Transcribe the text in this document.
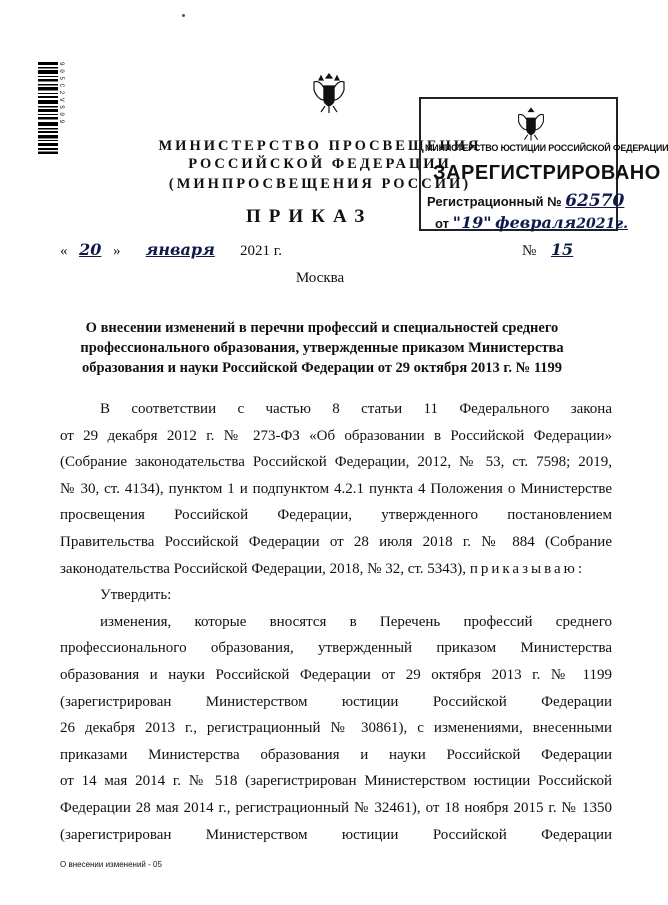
9 0 5 C 2 V S 0 9
МИНИСТЕРСТВО ПРОСВЕЩЕНИЯ
РОССИЙСКОЙ ФЕДЕРАЦИИ
(МИНПРОСВЕЩЕНИЯ РОССИИ)
МИНИСТЕРСТВО ЮСТИЦИИ РОССИЙСКОЙ ФЕДЕРАЦИИ
ЗАРЕГИСТРИРОВАНО
Регистрационный № 62570
от "19" февраля2021г.
ПРИКАЗ
« 20 » января 2021 г.	№ 15
Москва
О внесении изменений в перечни профессий и специальностей среднего
профессионального образования, утвержденные приказом Министерства
образования и науки Российской Федерации от 29 октября 2013 г. № 1199

В соответствии с частью 8 статьи 11 Федерального закона

от 29 декабря 2012 г. № 273-ФЗ «Об образовании в Российской Федерации»

(Собрание законодательства Российской Федерации, 2012, № 53, ст. 7598; 2019,

№ 30, ст. 4134), пунктом 1 и подпунктом 4.2.1 пункта 4 Положения о Министерстве

просвещения Российской Федерации, утвержденного постановлением

Правительства Российской Федерации от 28 июля 2018 г. № 884 (Собрание

законодательства Российской Федерации, 2018, № 32, ст. 5343), приказываю:

Утвердить:

изменения, которые вносятся в Перечень профессий среднего

профессионального образования, утвержденный приказом Министерства

образования и науки Российской Федерации от 29 октября 2013 г. № 1199

(зарегистрирован Министерством юстиции Российской Федерации

26 декабря 2013 г., регистрационный № 30861), с изменениями, внесенными

приказами Министерства образования и науки Российской Федерации

от 14 мая 2014 г. № 518 (зарегистрирован Министерством юстиции Российской

Федерации 28 мая 2014 г., регистрационный № 32461), от 18 ноября 2015 г. № 1350

(зарегистрирован Министерством юстиции Российской Федерации

О внесении изменений - 05
